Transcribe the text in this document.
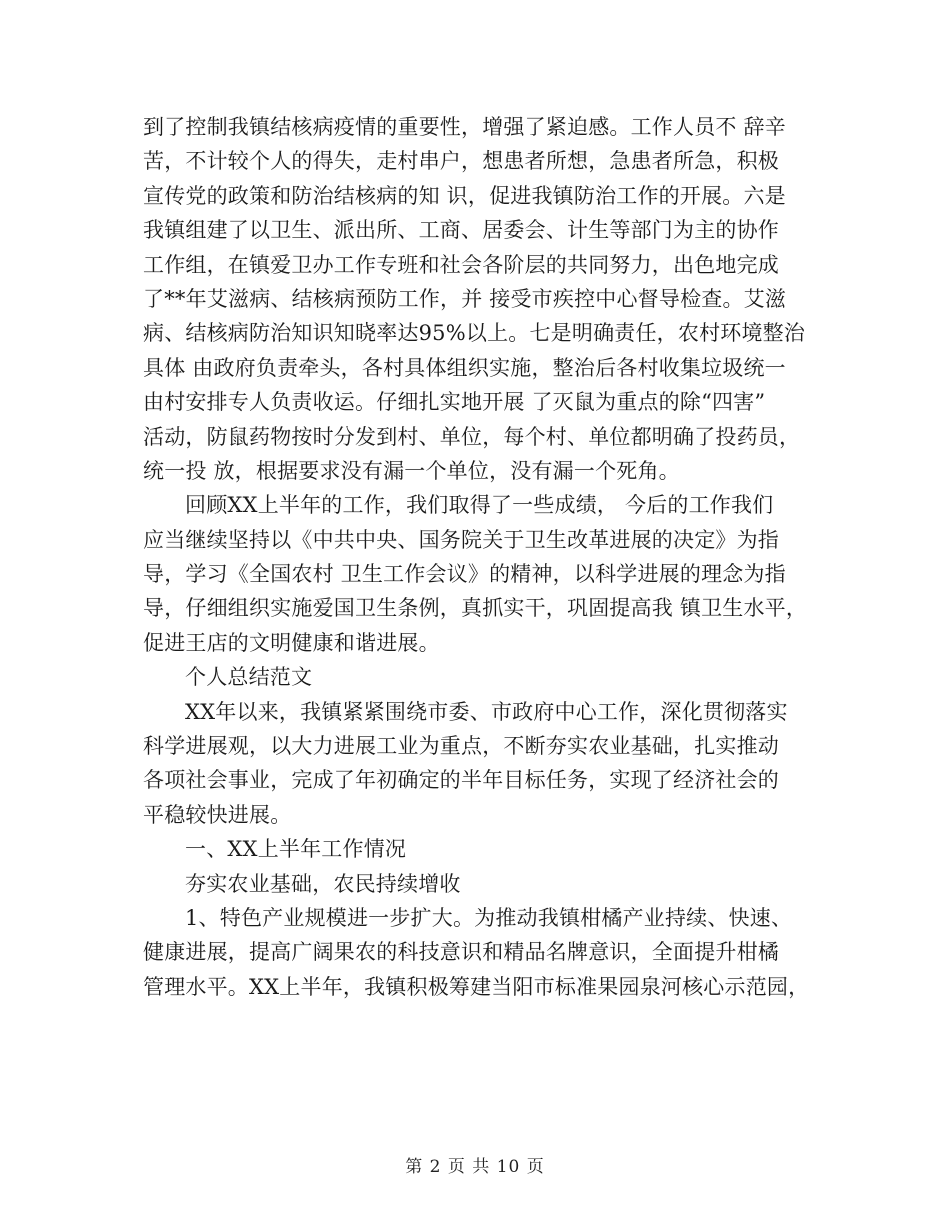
到了控制我镇结核病疫情的重要性，增强了紧迫感。工作人员不 辞辛
苦，不计较个人的得失，走村串户，想患者所想，急患者所急，积极
宣传党的政策和防治结核病的知 识，促进我镇防治工作的开展。六是
我镇组建了以卫生、派出所、工商、居委会、计生等部门为主的协作
工作组，在镇爱卫办工作专班和社会各阶层的共同努力，出色地完成
了**年艾滋病、结核病预防工作，并 接受市疾控中心督导检查。艾滋
病、结核病防治知识知晓率达95%以上。七是明确责任，农村环境整治
具体 由政府负责牵头，各村具体组织实施，整治后各村收集垃圾统一
由村安排专人负责收运。仔细扎实地开展 了灭鼠为重点的除“四害”
活动，防鼠药物按时分发到村、单位，每个村、单位都明确了投药员，
统一投 放，根据要求没有漏一个单位，没有漏一个死角。
回顾XX上半年的工作，我们取得了一些成绩， 今后的工作我们
应当继续坚持以《中共中央、国务院关于卫生改革进展的决定》为指
导，学习《全国农村 卫生工作会议》的精神，以科学进展的理念为指
导，仔细组织实施爱国卫生条例，真抓实干，巩固提高我 镇卫生水平，
促进王店的文明健康和谐进展。
个人总结范文
XX年以来，我镇紧紧围绕市委、市政府中心工作，深化贯彻落实
科学进展观，以大力进展工业为重点，不断夯实农业基础，扎实推动
各项社会事业，完成了年初确定的半年目标任务，实现了经济社会的
平稳较快进展。
一、XX上半年工作情况
夯实农业基础，农民持续增收
1、特色产业规模进一步扩大。为推动我镇柑橘产业持续、快速、
健康进展，提高广阔果农的科技意识和精品名牌意识，全面提升柑橘
管理水平。XX上半年，我镇积极筹建当阳市标准果园泉河核心示范园，
第 2 页 共 10 页
